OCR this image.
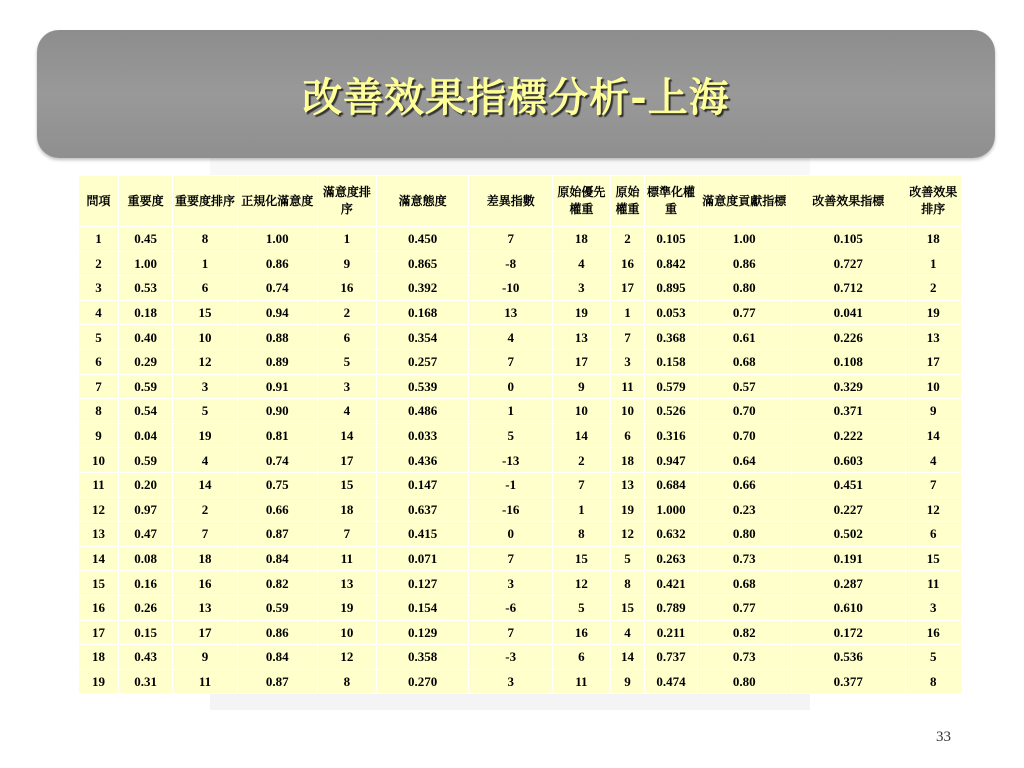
改善效果指標分析-上海
問項	重要度	重要度排序	正規化滿意度	滿意度排序	滿意態度	差異指數	原始優先權重	原始權重	標準化權重	滿意度貢獻指標	改善效果指標	改善效果排序
1	0.45	8	1.00	1	0.450	7	18	2	0.105	1.00	0.105	18
2	1.00	1	0.86	9	0.865	-8	4	16	0.842	0.86	0.727	1
3	0.53	6	0.74	16	0.392	-10	3	17	0.895	0.80	0.712	2
4	0.18	15	0.94	2	0.168	13	19	1	0.053	0.77	0.041	19
5	0.40	10	0.88	6	0.354	4	13	7	0.368	0.61	0.226	13
6	0.29	12	0.89	5	0.257	7	17	3	0.158	0.68	0.108	17
7	0.59	3	0.91	3	0.539	0	9	11	0.579	0.57	0.329	10
8	0.54	5	0.90	4	0.486	1	10	10	0.526	0.70	0.371	9
9	0.04	19	0.81	14	0.033	5	14	6	0.316	0.70	0.222	14
10	0.59	4	0.74	17	0.436	-13	2	18	0.947	0.64	0.603	4
11	0.20	14	0.75	15	0.147	-1	7	13	0.684	0.66	0.451	7
12	0.97	2	0.66	18	0.637	-16	1	19	1.000	0.23	0.227	12
13	0.47	7	0.87	7	0.415	0	8	12	0.632	0.80	0.502	6
14	0.08	18	0.84	11	0.071	7	15	5	0.263	0.73	0.191	15
15	0.16	16	0.82	13	0.127	3	12	8	0.421	0.68	0.287	11
16	0.26	13	0.59	19	0.154	-6	5	15	0.789	0.77	0.610	3
17	0.15	17	0.86	10	0.129	7	16	4	0.211	0.82	0.172	16
18	0.43	9	0.84	12	0.358	-3	6	14	0.737	0.73	0.536	5
19	0.31	11	0.87	8	0.270	3	11	9	0.474	0.80	0.377	8
33
